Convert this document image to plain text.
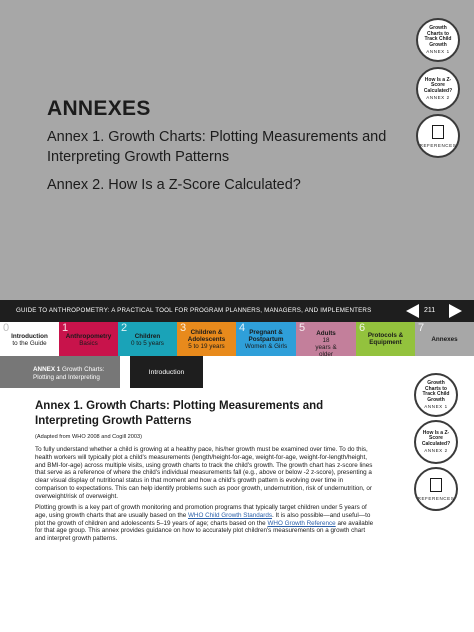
ANNEXES
Annex 1. Growth Charts: Plotting Measurements and Interpreting Growth Patterns
Annex 2. How Is a Z-Score Calculated?
Growth Charts to Track Child Growth
ANNEX 1
How Is a Z-Score Calculated?
ANNEX 2
REFERENCES
GUIDE TO ANTHROPOMETRY: A PRACTICAL TOOL FOR PROGRAM PLANNERS, MANAGERS, AND IMPLEMENTERS	211
0
Introduction
to the Guide
1
Anthropometry
Basics
2
Children
0 to 5 years
3 Children & Adolescents
5 to 19 years
4 Pregnant & Postpartum
Women & Girls
5	Adults
18 years & older
6
Protocols & Equipment
7
Annexes
ANNEX 1 Growth Charts: Plotting and Interpreting
Introduction
Growth Charts to Track Child Growth
ANNEX 1
How Is a Z-Score Calculated?
ANNEX 2
REFERENCES
Annex 1. Growth Charts: Plotting Measurements and Interpreting Growth Patterns
(Adapted from WHO 2008 and Cogill 2003)
To fully understand whether a child is growing at a healthy pace, his/her growth must be examined over time. To do this, health workers will typically plot a child's measurements (length/height-for-age, weight-for-age, weight-for-length/height, and BMI-for-age) across multiple visits, using growth charts to track the child's growth. The growth chart has z-score lines that serve as a reference of where the child's individual measurements fall (e.g., above or below -2 z-score), presenting a clear visual display of nutritional status in that moment and how a child's growth pattern is evolving over time in comparison to expectations. This can help identify problems such as poor growth, undernutrition, risk of undernutrition, or overweight/risk of overweight.
Plotting growth is a key part of growth monitoring and promotion programs that typically target children under 5 years of age, using growth charts that are usually based on the WHO Child Growth Standards. It is also possible—and useful—to plot the growth of children and adolescents 5–19 years of age; charts based on the WHO Growth Reference are available for that age group. This annex provides guidance on how to accurately plot children's measurements on a growth chart and interpret growth patterns.
